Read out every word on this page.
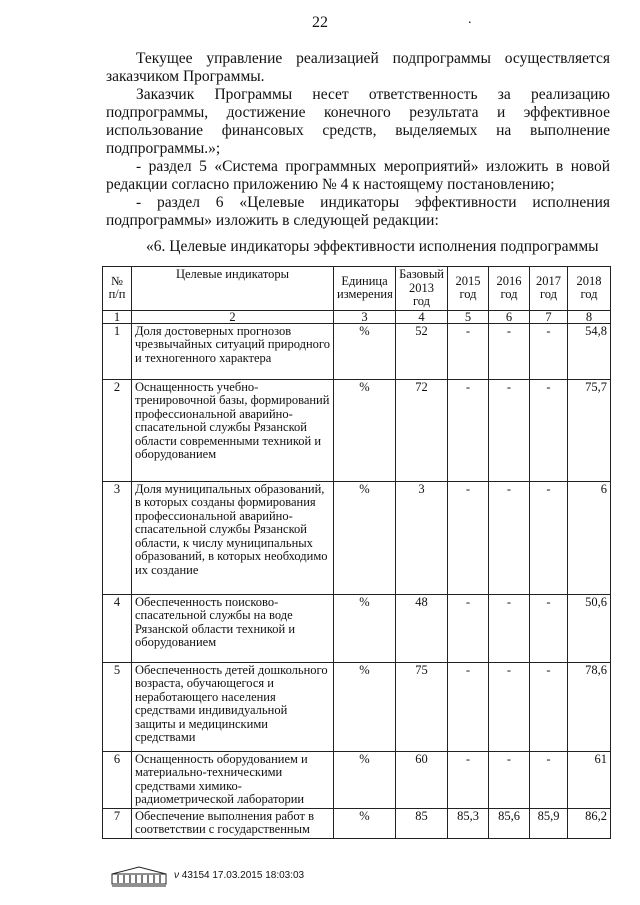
22	.

Текущее управление реализацией подпрограммы осуществляется заказчиком Программы.

Заказчик Программы несет ответственность за реализацию подпрограммы, достижение конечного результата и эффективное использование финансовых средств, выделяемых на выполнение подпрограммы.»;

- раздел 5 «Система программных мероприятий» изложить в новой редакции согласно приложению № 4 к настоящему постановлению;

- раздел 6 «Целевые индикаторы эффективности исполнения подпрограммы» изложить в следующей редакции:

«6. Целевые индикаторы эффективности исполнения подпрограммы
№ п/п	Целевые индикаторы	Единица измерения	Базовый 2013 год	2015 год	2016 год	2017 год	2018 год
1	2	3	4	5	6	7	8
1	Доля достоверных прогнозов чрезвычайных ситуаций природного и техногенного характера	%	52	-	-	-	54,8
2	Оснащенность учебно-тренировочной базы, формирований профессиональной аварийно-спасательной службы Рязанской области современными техникой и оборудованием	%	72	-	-	-	75,7
3	Доля муниципальных образований, в которых созданы формирования профессиональной аварийно-спасательной службы Рязанской области, к числу муниципальных образований, в которых необходимо их создание	%	3	-	-	-	6
4	Обеспеченность поисково-спасательной службы на воде Рязанской области техникой и оборудованием	%	48	-	-	-	50,6
5	Обеспеченность детей дошкольного возраста, обучающегося и неработающего населения средствами индивидуальной защиты и медицинскими средствами	%	75	-	-	-	78,6
6	Оснащенность оборудованием и материально-техническими средствами химико-радиометрической лаборатории	%	60	-	-	-	61
7	Обеспечение выполнения работ в соответствии с государственным	%	85	85,3	85,6	85,9	86,2
ν 43154 17.03.2015 18:03:03
